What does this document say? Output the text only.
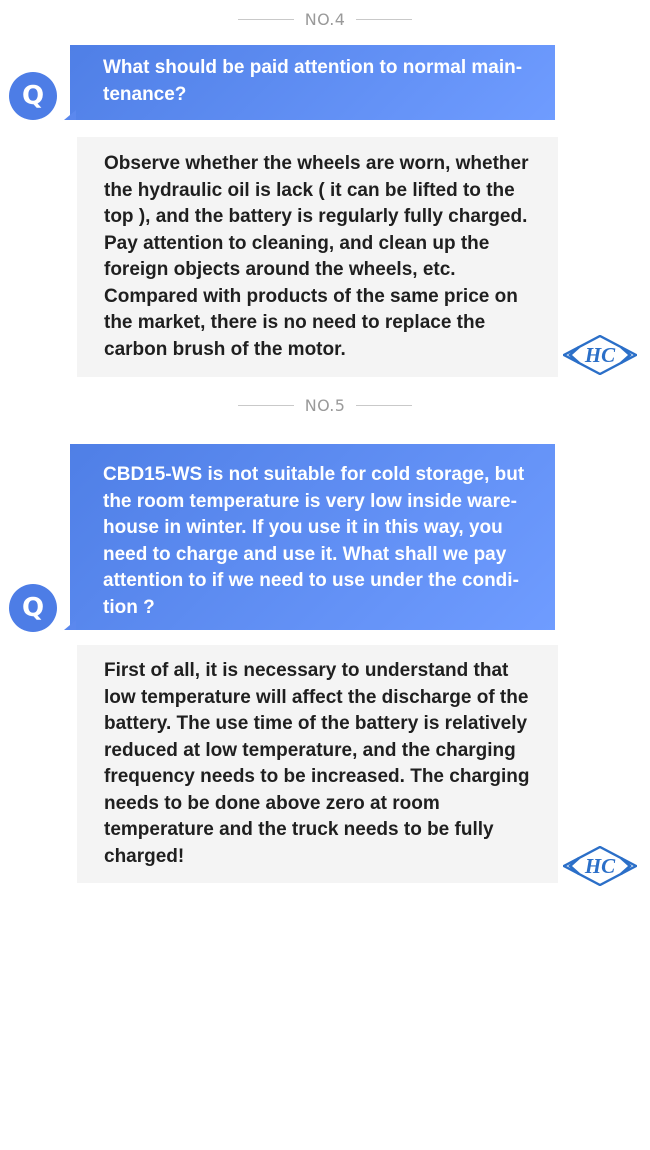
NO.4
What should be paid attention to normal main-tenance?
Q
Observe whether the wheels are worn, whether the hydraulic oil is lack ( it can be lifted to the top ), and the battery is regularly fully charged. Pay attention to cleaning, and clean up the foreign objects around the wheels, etc. Compared with products of the same price on the market, there is no need to replace the carbon brush of the motor.	HC
NO.5
CBD15-WS is not suitable for cold storage, but the room temperature is very low inside ware-house in winter. If you use it in this way, you need to charge and use it. What shall we pay attention to if we need to use under the condi-tion ?
Q
First of all, it is necessary to understand that low temperature will affect the discharge of the battery. The use time of the battery is relatively reduced at low temperature, and the charging frequency needs to be increased. The charging needs to be done above zero at room temperature and the truck needs to be fully charged!	HC
